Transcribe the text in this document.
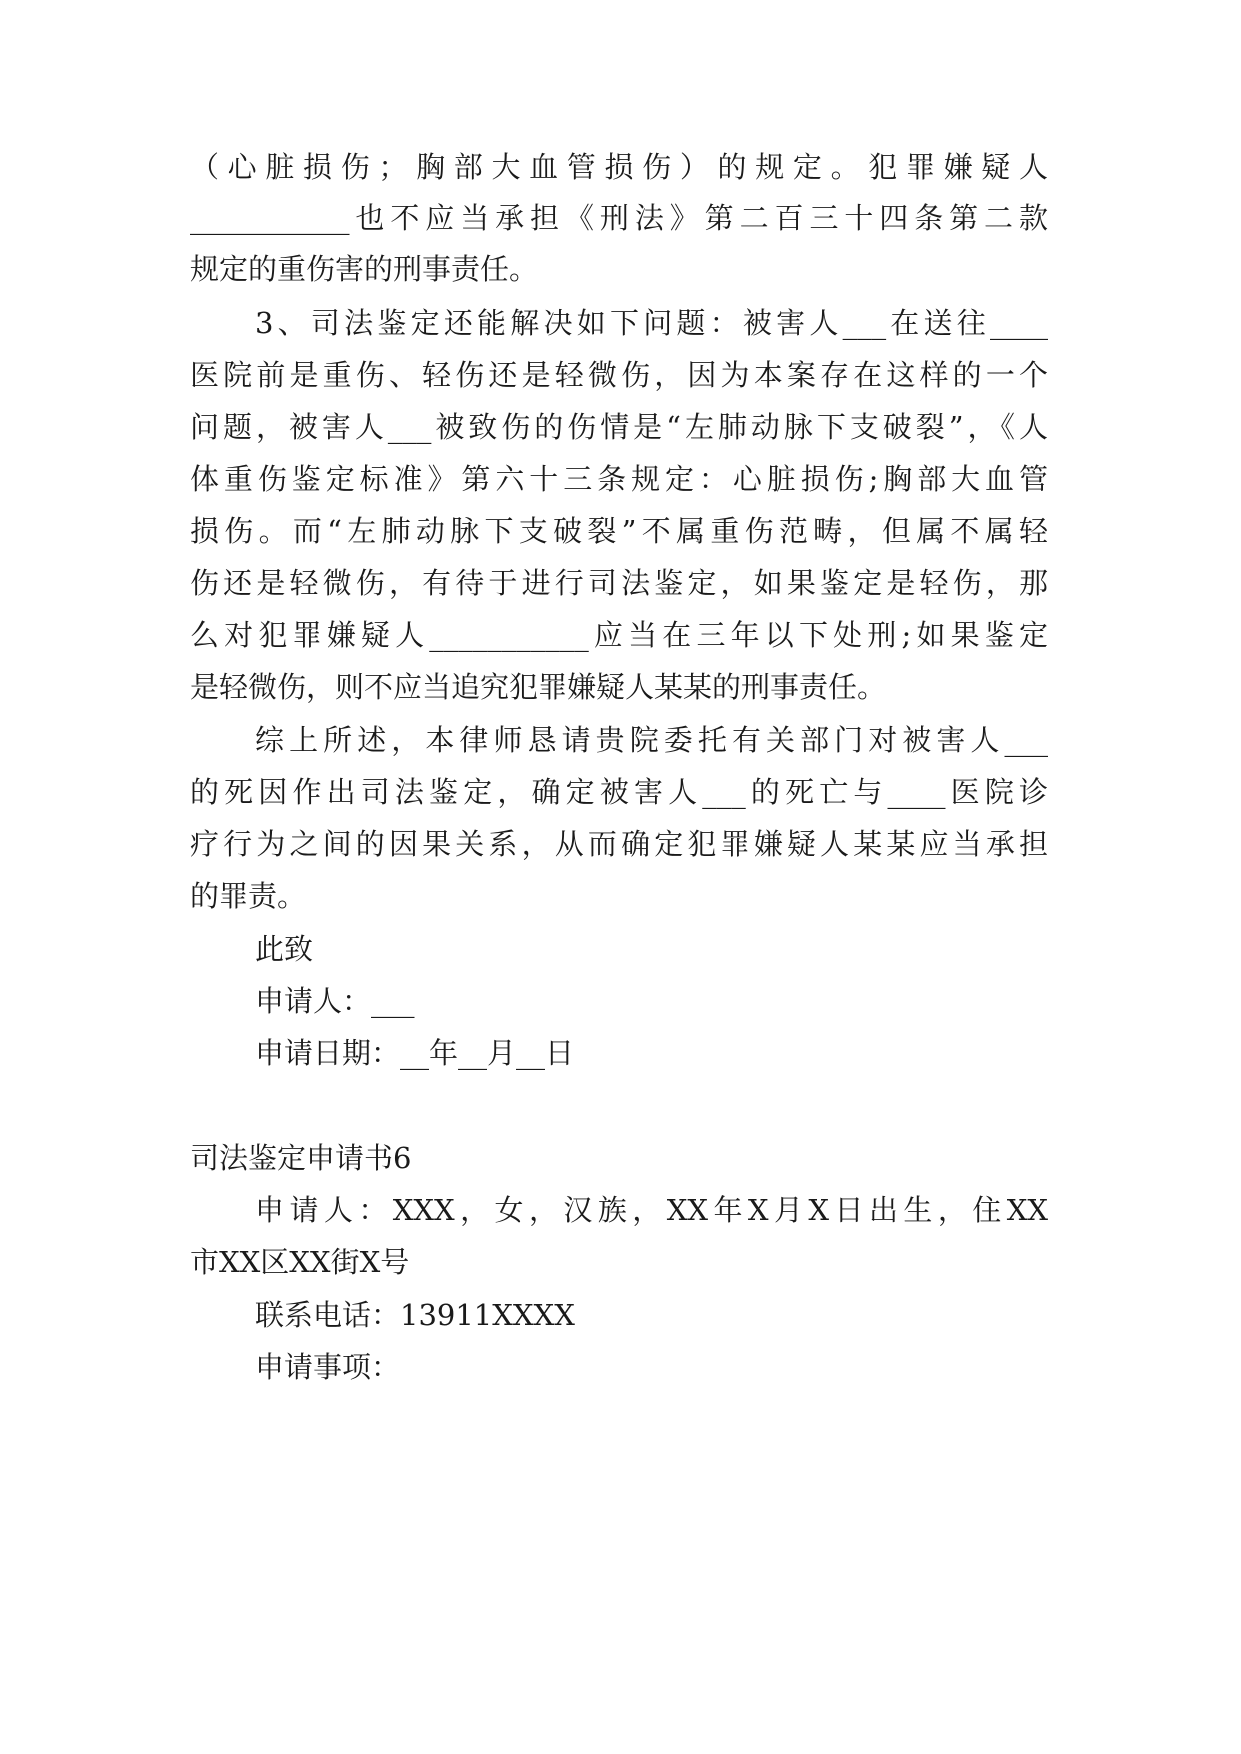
（心脏损伤；胸部大血管损伤）的规定。犯罪嫌疑人
___________也不应当承担《刑法》第二百三十四条第二款
规定的重伤害的刑事责任。
3、司法鉴定还能解决如下问题：被害人___在送往____
医院前是重伤、轻伤还是轻微伤，因为本案存在这样的一个
问题，被害人___被致伤的伤情是“左肺动脉下支破裂”，《人
体重伤鉴定标准》第六十三条规定：心脏损伤;胸部大血管
损伤。而“左肺动脉下支破裂”不属重伤范畴，但属不属轻
伤还是轻微伤，有待于进行司法鉴定，如果鉴定是轻伤，那
么对犯罪嫌疑人___________应当在三年以下处刑;如果鉴定
是轻微伤，则不应当追究犯罪嫌疑人某某的刑事责任。
综上所述，本律师恳请贵院委托有关部门对被害人___
的死因作出司法鉴定，确定被害人___的死亡与____医院诊
疗行为之间的因果关系，从而确定犯罪嫌疑人某某应当承担
的罪责。
此致
申请人：___
申请日期：__年__月__日
司法鉴定申请书6
申请人：XXX，女，汉族，XX年X月X日出生，住XX
市XX区XX街X号
联系电话：13911XXXX
申请事项：
